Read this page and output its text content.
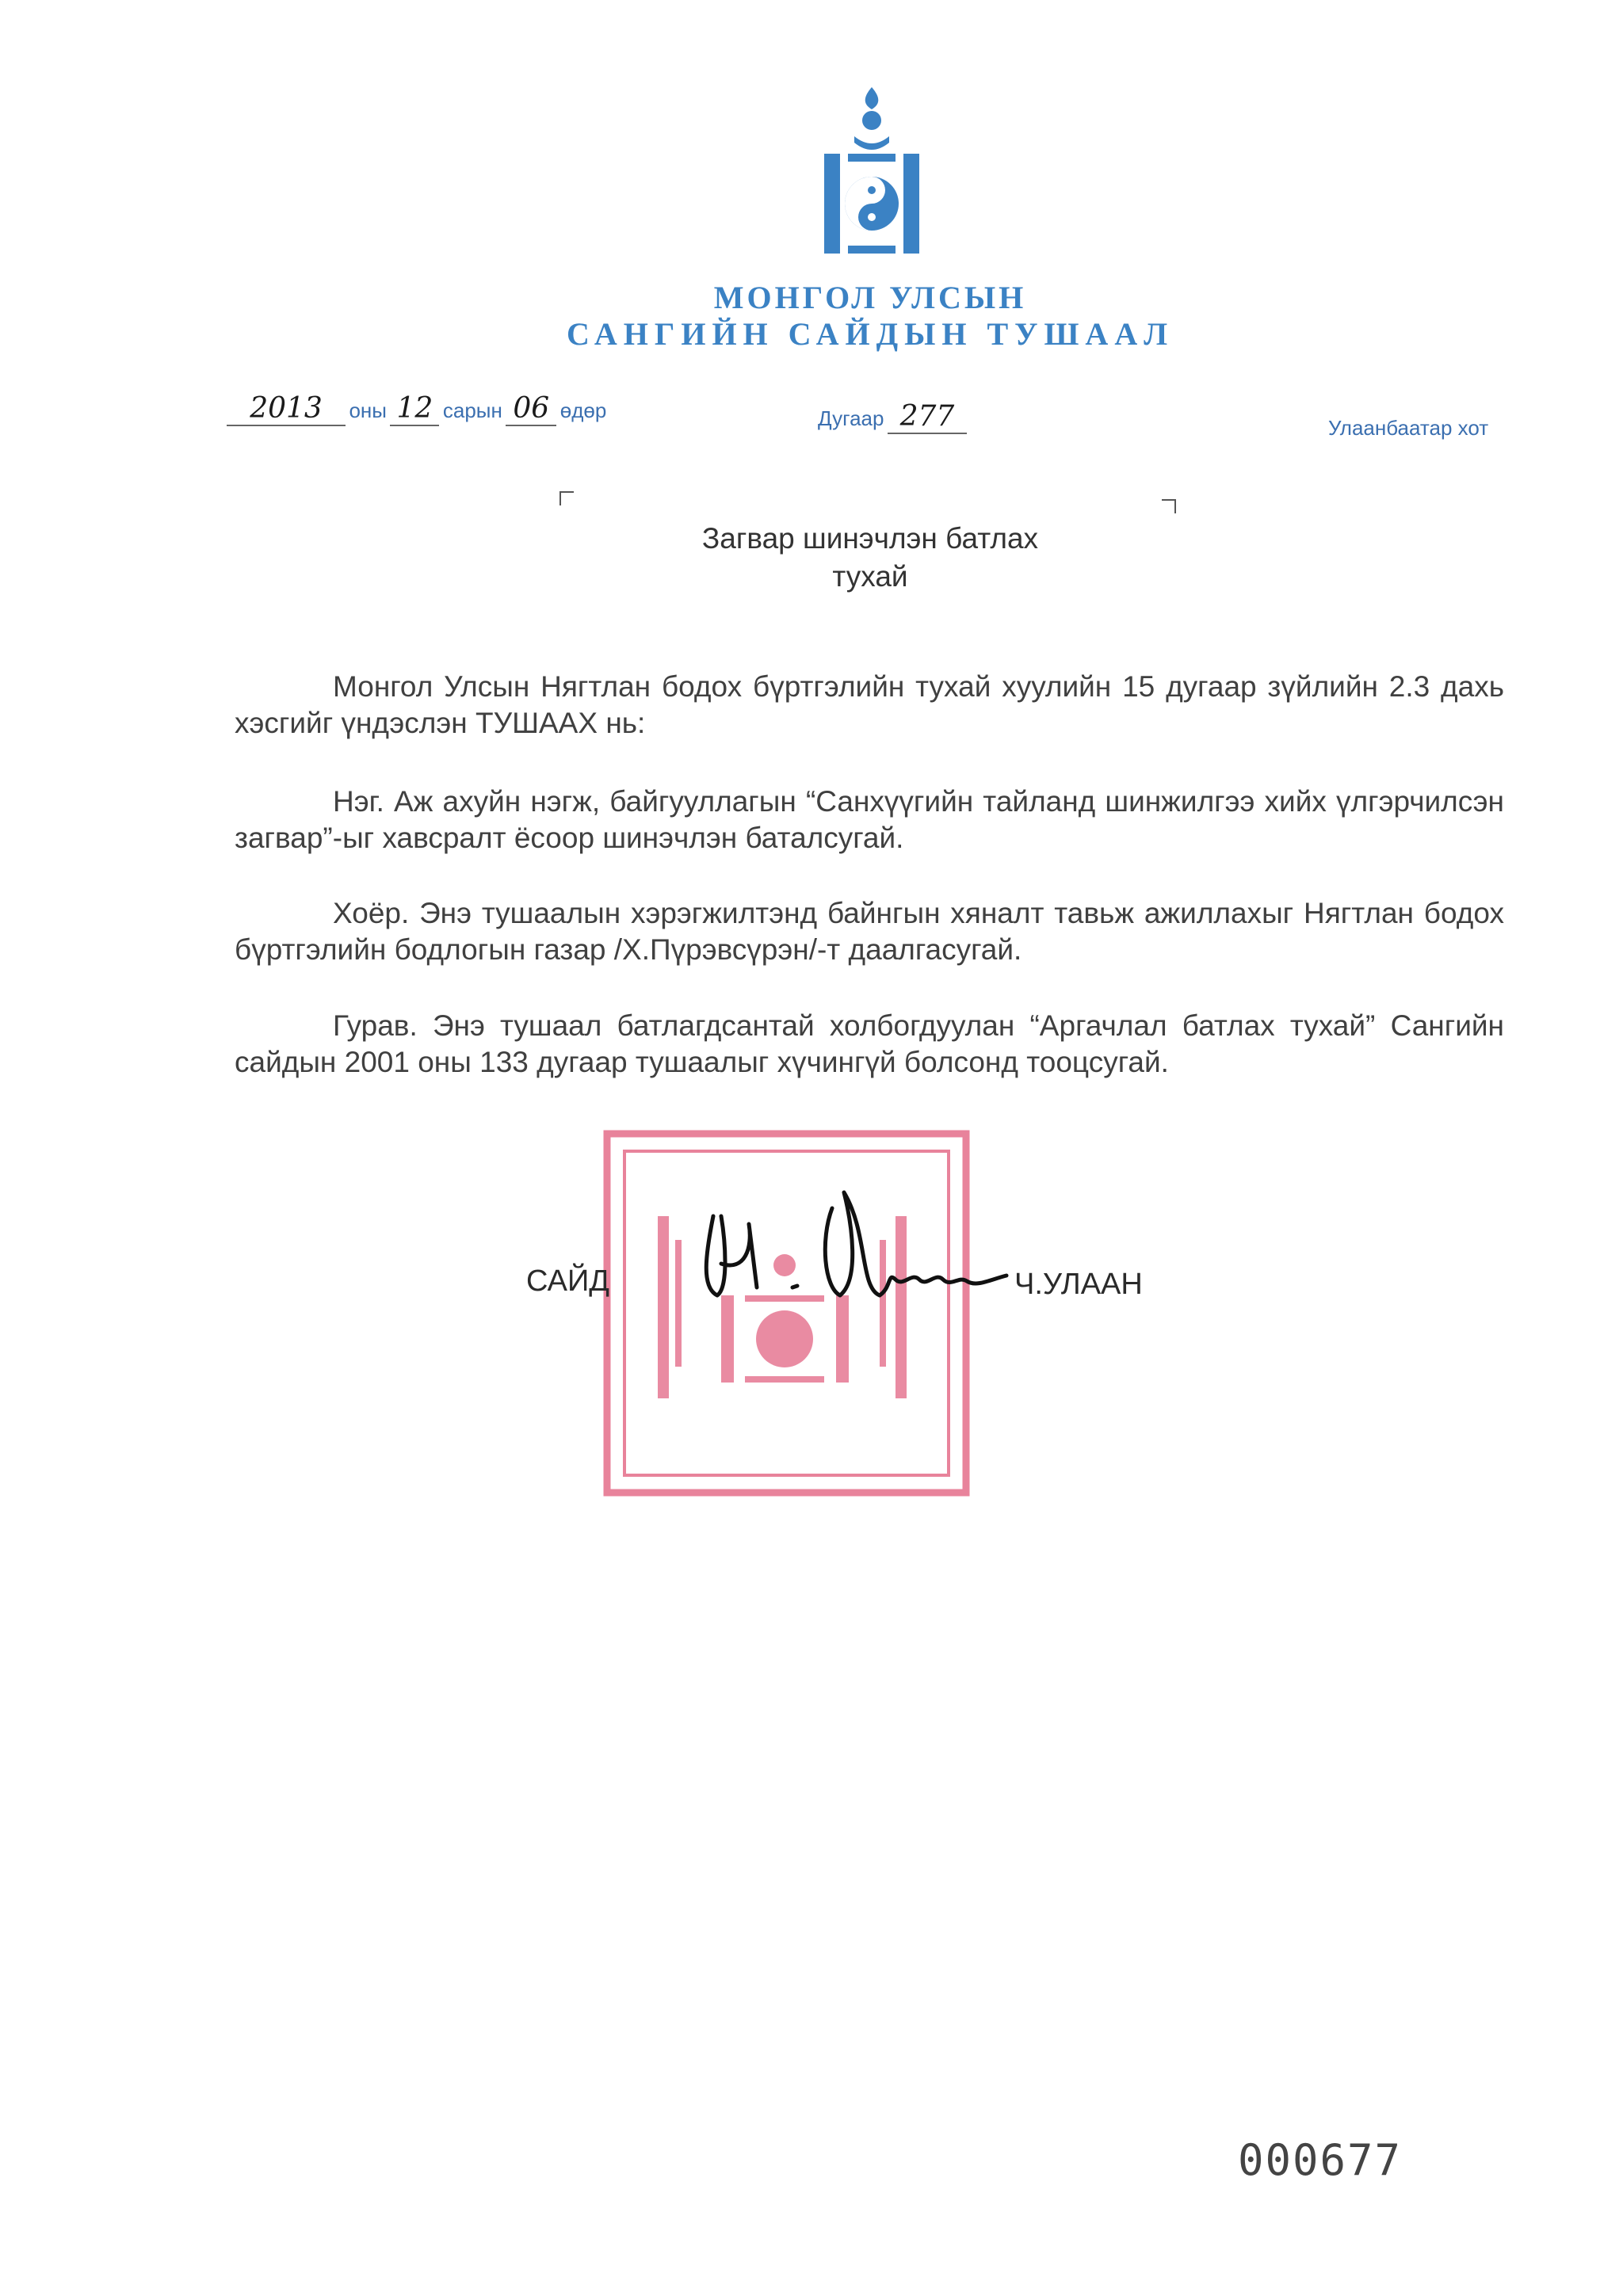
МОНГОЛ УЛСЫН
САНГИЙН САЙДЫН ТУШААЛ
2013 оны 12 сарын 06 өдөр	Дугаар 277	Улаанбаатар хот
Загвар шинэчлэн батлах
тухай

Монгол Улсын Нягтлан бодох бүртгэлийн тухай хуулийн 15 дугаар зүйлийн 2.3 дахь хэсгийг үндэслэн ТУШААХ нь:

Нэг. Аж ахуйн нэгж, байгууллагын “Санхүүгийн тайланд шинжилгээ хийх үлгэрчилсэн загвар”-ыг хавсралт ёсоор шинэчлэн баталсугай.

Хоёр. Энэ тушаалын хэрэгжилтэнд байнгын хяналт тавьж ажиллахыг Нягтлан бодох бүртгэлийн бодлогын газар /Х.Пүрэвсүрэн/-т даалгасугай.

Гурав. Энэ тушаал батлагдсантай холбогдуулан “Аргачлал батлах тухай” Сангийн сайдын 2001 оны 133 дугаар тушаалыг хүчингүй болсонд тооцсугай.

САЙД	Ч.УЛААН
000677
